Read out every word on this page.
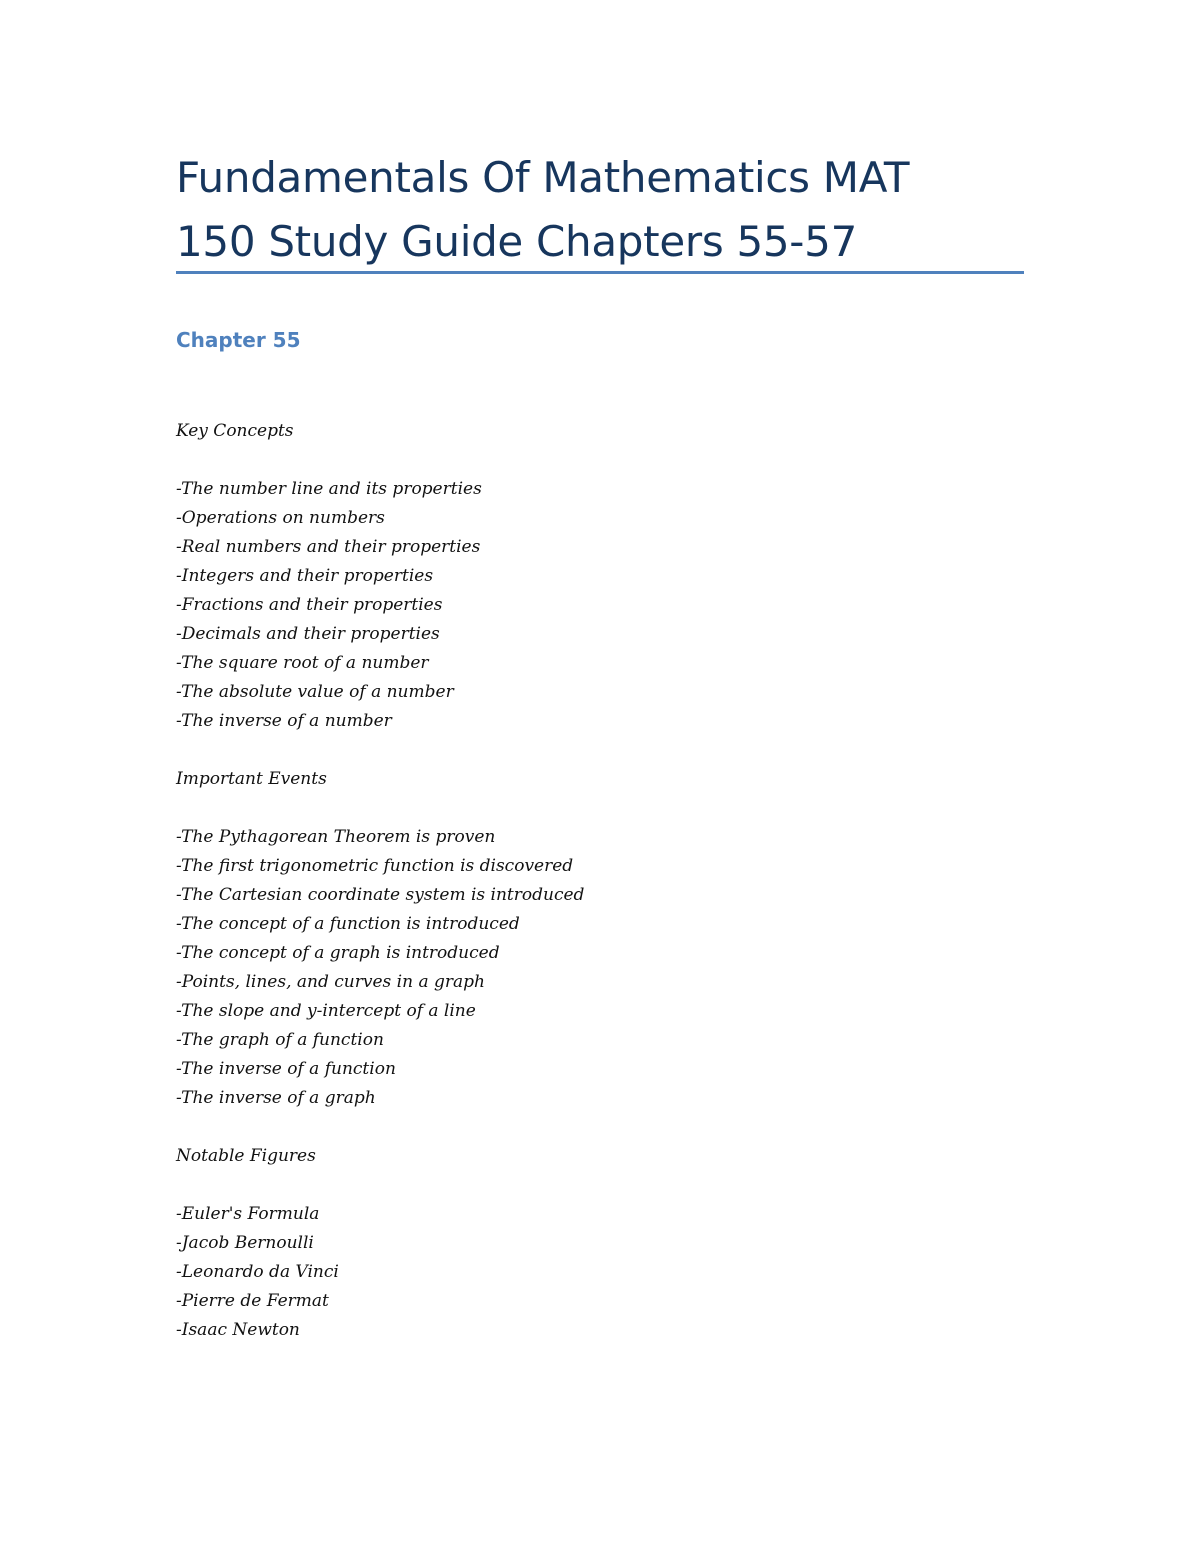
Fundamentals Of Mathematics MAT
150 Study Guide Chapters 55-57
Chapter 55

Key Concepts

-The number line and its properties
-Operations on numbers
-Real numbers and their properties
-Integers and their properties
-Fractions and their properties
-Decimals and their properties
-The square root of a number
-The absolute value of a number
-The inverse of a number

Important Events

-The Pythagorean Theorem is proven
-The first trigonometric function is discovered
-The Cartesian coordinate system is introduced
-The concept of a function is introduced
-The concept of a graph is introduced
-Points, lines, and curves in a graph
-The slope and y-intercept of a line
-The graph of a function
-The inverse of a function
-The inverse of a graph

Notable Figures

-Euler's Formula
-Jacob Bernoulli
-Leonardo da Vinci
-Pierre de Fermat
-Isaac Newton
